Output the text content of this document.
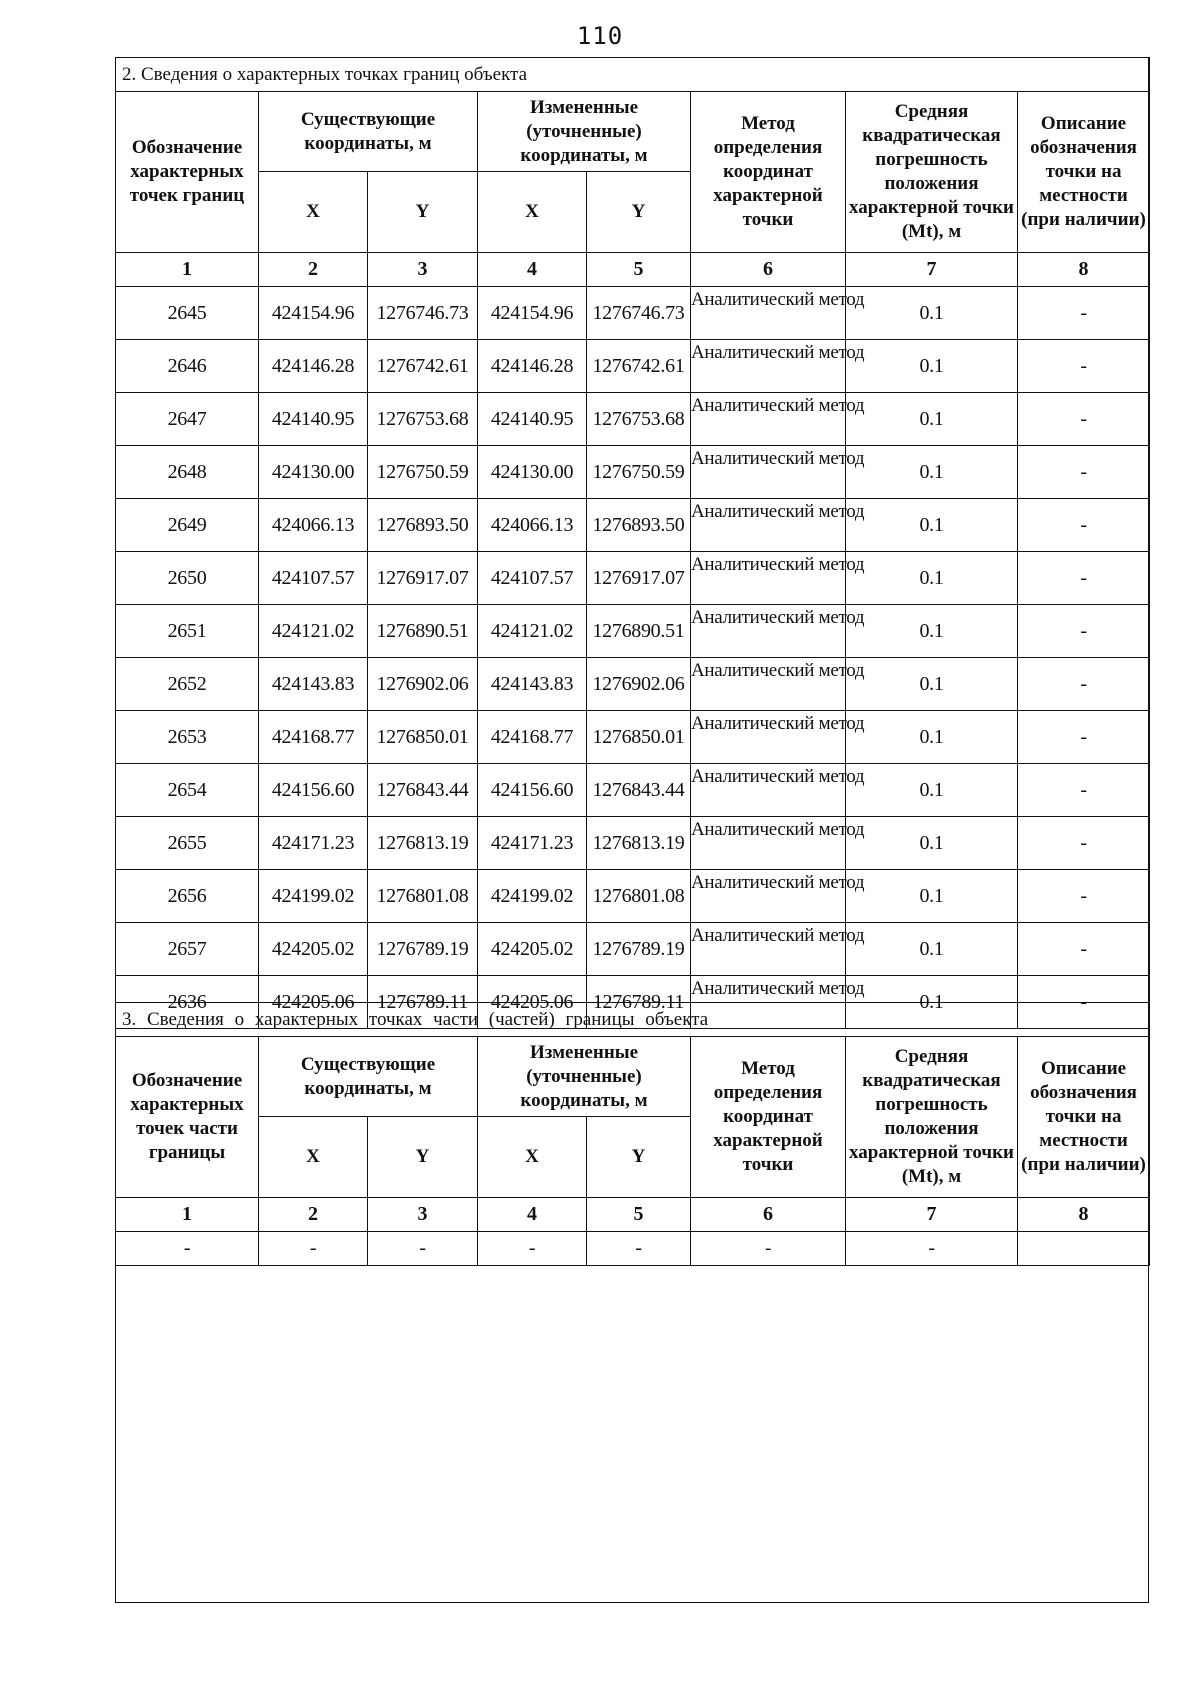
110
2. Сведения о характерных точках границ объекта							
Обозначение характерных точек границ	Существующие координаты, м		Измененные (уточненные) координаты, м		Метод определения координат характерной точки	Средняя квадратическая погрешность положения характерной точки (Mt), м	Описание обозначения точки на местности (при наличии)
	X	Y	X	Y			
1	2	3	4	5	6	7	8
2645	424154.96	1276746.73	424154.96	1276746.73	Аналитический метод	0.1	-
2646	424146.28	1276742.61	424146.28	1276742.61	Аналитический метод	0.1	-
2647	424140.95	1276753.68	424140.95	1276753.68	Аналитический метод	0.1	-
2648	424130.00	1276750.59	424130.00	1276750.59	Аналитический метод	0.1	-
2649	424066.13	1276893.50	424066.13	1276893.50	Аналитический метод	0.1	-
2650	424107.57	1276917.07	424107.57	1276917.07	Аналитический метод	0.1	-
2651	424121.02	1276890.51	424121.02	1276890.51	Аналитический метод	0.1	-
2652	424143.83	1276902.06	424143.83	1276902.06	Аналитический метод	0.1	-
2653	424168.77	1276850.01	424168.77	1276850.01	Аналитический метод	0.1	-
2654	424156.60	1276843.44	424156.60	1276843.44	Аналитический метод	0.1	-
2655	424171.23	1276813.19	424171.23	1276813.19	Аналитический метод	0.1	-
2656	424199.02	1276801.08	424199.02	1276801.08	Аналитический метод	0.1	-
2657	424205.02	1276789.19	424205.02	1276789.19	Аналитический метод	0.1	-
2636	424205.06	1276789.11	424205.06	1276789.11	Аналитический метод	0.1	-
3. Сведения о характерных точках части (частей) границы объекта							
Обозначение характерных точек части границы	Существующие координаты, м		Измененные (уточненные) координаты, м		Метод определения координат характерной точки	Средняя квадратическая погрешность положения характерной точки (Mt), м	Описание обозначения точки на местности (при наличии)
	X	Y	X	Y			
1	2	3	4	5	6	7	8
-	-	-	-	-	-	-	
